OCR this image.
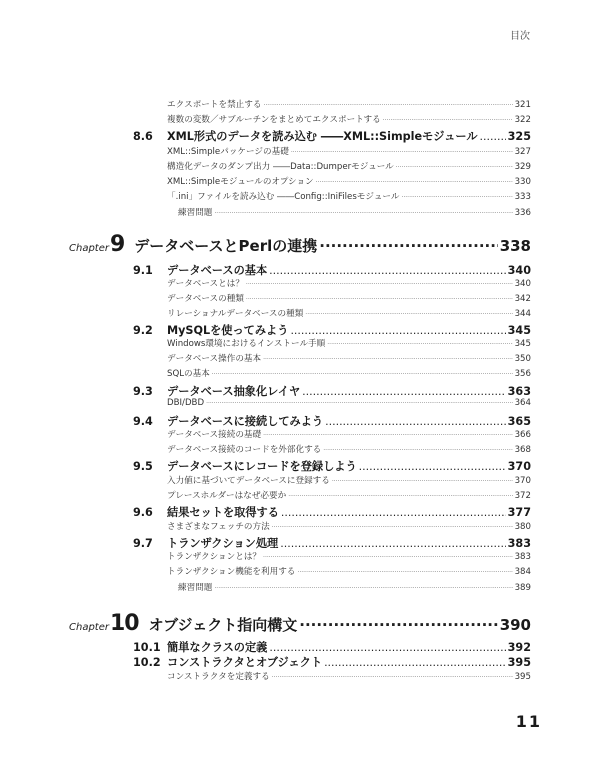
目次
エクスポートを禁止する ·····	321
複数の変数／サブルーチンをまとめてエクスポートする ·····	322
8.6 XML形式のデータを読み込む ――XML::Simpleモジュール .....	325
XML::Simpleパッケージの基礎 ·····	327
構造化データのダンプ出力 ――Data::Dumperモジュール ·····	329
XML::Simpleモジュールのオプション ·····	330
「.ini」ファイルを読み込む ――Config::IniFilesモジュール ·····	333
練習問題 ·····	336
Chapter 9 データベースとPerlの連携 ·····	338
9.1 データベースの基本 .....	340
データベースとは？ ·····	340
データベースの種類 ·····	342
リレーショナルデータベースの種類 ·····	344
9.2 MySQLを使ってみよう .....	345
Windows環境におけるインストール手順 ·····	345
データベース操作の基本 ·····	350
SQLの基本 ·····	356
9.3 データベース抽象化レイヤ .....	363
DBI/DBD ·····	364
9.4 データベースに接続してみよう .....	365
データベース接続の基礎 ·····	366
データベース接続のコードを外部化する ·····	368
9.5 データベースにレコードを登録しよう .....	370
入力値に基づいてデータベースに登録する ·····	370
プレースホルダーはなぜ必要か ·····	372
9.6 結果セットを取得する .....	377
さまざまなフェッチの方法 ·····	380
9.7 トランザクション処理 .....	383
トランザクションとは？ ·····	383
トランザクション機能を利用する ·····	384
練習問題 ·····	389
Chapter 10 オブジェクト指向構文 ·····	390
10.1 簡単なクラスの定義 .....	392
10.2 コンストラクタとオブジェクト .....	395
コンストラクタを定義する ·····	395
11
